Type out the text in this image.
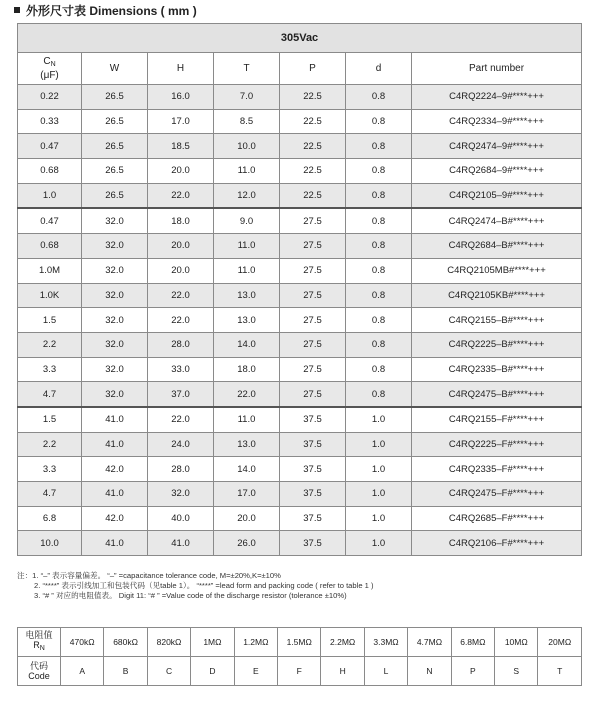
外形尺寸表 Dimensions ( mm )
305Vac						
$C_N$
(μF)	W	H	T	P	d	Part number
0.22	26.5	16.0	7.0	22.5	0.8	C4RQ2224–9#****+++
0.33	26.5	17.0	8.5	22.5	0.8	C4RQ2334–9#****+++
0.47	26.5	18.5	10.0	22.5	0.8	C4RQ2474–9#****+++
0.68	26.5	20.0	11.0	22.5	0.8	C4RQ2684–9#****+++
1.0	26.5	22.0	12.0	22.5	0.8	C4RQ2105–9#****+++
0.47	32.0	18.0	9.0	27.5	0.8	C4RQ2474–B#****+++
0.68	32.0	20.0	11.0	27.5	0.8	C4RQ2684–B#****+++
1.0M	32.0	20.0	11.0	27.5	0.8	C4RQ2105MB#****+++
1.0K	32.0	22.0	13.0	27.5	0.8	C4RQ2105KB#****+++
1.5	32.0	22.0	13.0	27.5	0.8	C4RQ2155–B#****+++
2.2	32.0	28.0	14.0	27.5	0.8	C4RQ2225–B#****+++
3.3	32.0	33.0	18.0	27.5	0.8	C4RQ2335–B#****+++
4.7	32.0	37.0	22.0	27.5	0.8	C4RQ2475–B#****+++
1.5	41.0	22.0	11.0	37.5	1.0	C4RQ2155–F#****+++
2.2	41.0	24.0	13.0	37.5	1.0	C4RQ2225–F#****+++
3.3	42.0	28.0	14.0	37.5	1.0	C4RQ2335–F#****+++
4.7	41.0	32.0	17.0	37.5	1.0	C4RQ2475–F#****+++
6.8	42.0	40.0	20.0	37.5	1.0	C4RQ2685–F#****+++
10.0	41.0	41.0	26.0	37.5	1.0	C4RQ2106–F#****+++
注：1. “–” 表示容量偏差。 “–” =capacitance tolerance code, M=±20%,K=±10%
2. “****” 表示引线加工和包装代码（见table 1）。 “****” =lead form and packing code ( refer to table 1 )
3. “# ” 对应的电阻值表。 Digit 11: “# ” =Value code of the discharge resistor (tolerance ±10%)
电阻值
$R_N$	470kΩ	680kΩ	820kΩ	1MΩ	1.2MΩ	1.5MΩ	2.2MΩ	3.3MΩ	4.7MΩ	6.8MΩ	10MΩ	20MΩ
代码
Code	A	B	C	D	E	F	H	L	N	P	S	T
